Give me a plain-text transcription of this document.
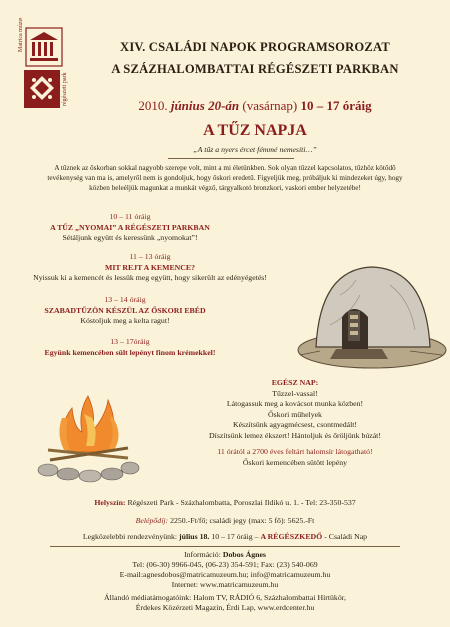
Matrica múzeum
régészeti park
XIV. CSALÁDI NAPOK PROGRAMSOROZAT
A SZÁZHALOMBATTAI RÉGÉSZETI PARKBAN
2010. június 20-án (vasárnap) 10 – 17 óráig
A TŰZ NAPJA
„A tűz a nyers ércet fémmé nemesíti…”
A tűznek az őskorban sokkal nagyobb szerepe volt, mint a mi életünkben. Sok olyan tűzzel kapcsolatos, tűzhöz kötődő
tevékenység van ma is, amelyről nem is gondoljuk, hogy őskori eredetű. Figyeljük meg, próbáljuk ki mindezeket úgy, hogy
közben beleéljük magunkat a munkát végző, tárgyalkotó bronzkori, vaskori ember helyzetébe!
10 – 11 óráig
A TŰZ „NYOMAI” A RÉGÉSZETI PARKBAN
Sétáljunk együtt és keressünk „nyomokat”!
11 – 13 óráig
MIT REJT A KEMENCE?
Nyissuk ki a kemencét és lessük meg együtt, hogy sikerült az edényégetés!
13 – 14 óráig
SZABADTŰZÖN KÉSZÜL AZ ŐSKORI EBÉD
Kóstoljuk meg a kelta ragut!
13 – 17óráig
Együnk kemencében sült lepényt finom krémekkel!
EGÉSZ NAP:
Tűzzel-vassal!
Látogassuk meg a kovácsot munka közben!
Őskori műhelyek
Készítsünk agyagmécsest, csontmedált!
Díszítsünk lemez ékszert! Hántoljuk és őröljünk búzát!
11 órától a 2700 éves feltárt halomsír látogatható!
Őskori kemencében sütött lepény
Helyszín: Régészeti Park - Százhalombatta, Poroszlai Ildikó u. 1. - Tel: 23-350-537
Belépődíj: 2250.-Ft/fő; családi jegy (max: 5 fő): 5625.-Ft
Legközelebbi rendezvényünk: július 18. 10 – 17 óráig – A RÉGÉSZKEDŐ - Családi Nap
Információ: Dobos Ágnes
Tel: (06-30) 9966-045, (06-23) 354-591; Fax: (23) 540-069
E-mail:agnesdobos@matricamuzeum.hu; info@matricamuzeum.hu
Internet: www.matricamuzeum.hu
Állandó médiatámogatóink: Halom TV, RÁDIÓ 6, Százhalombattai Hírtükör,
Érdekes Közérzeti Magazin, Érdi Lap, www.erdcenter.hu
